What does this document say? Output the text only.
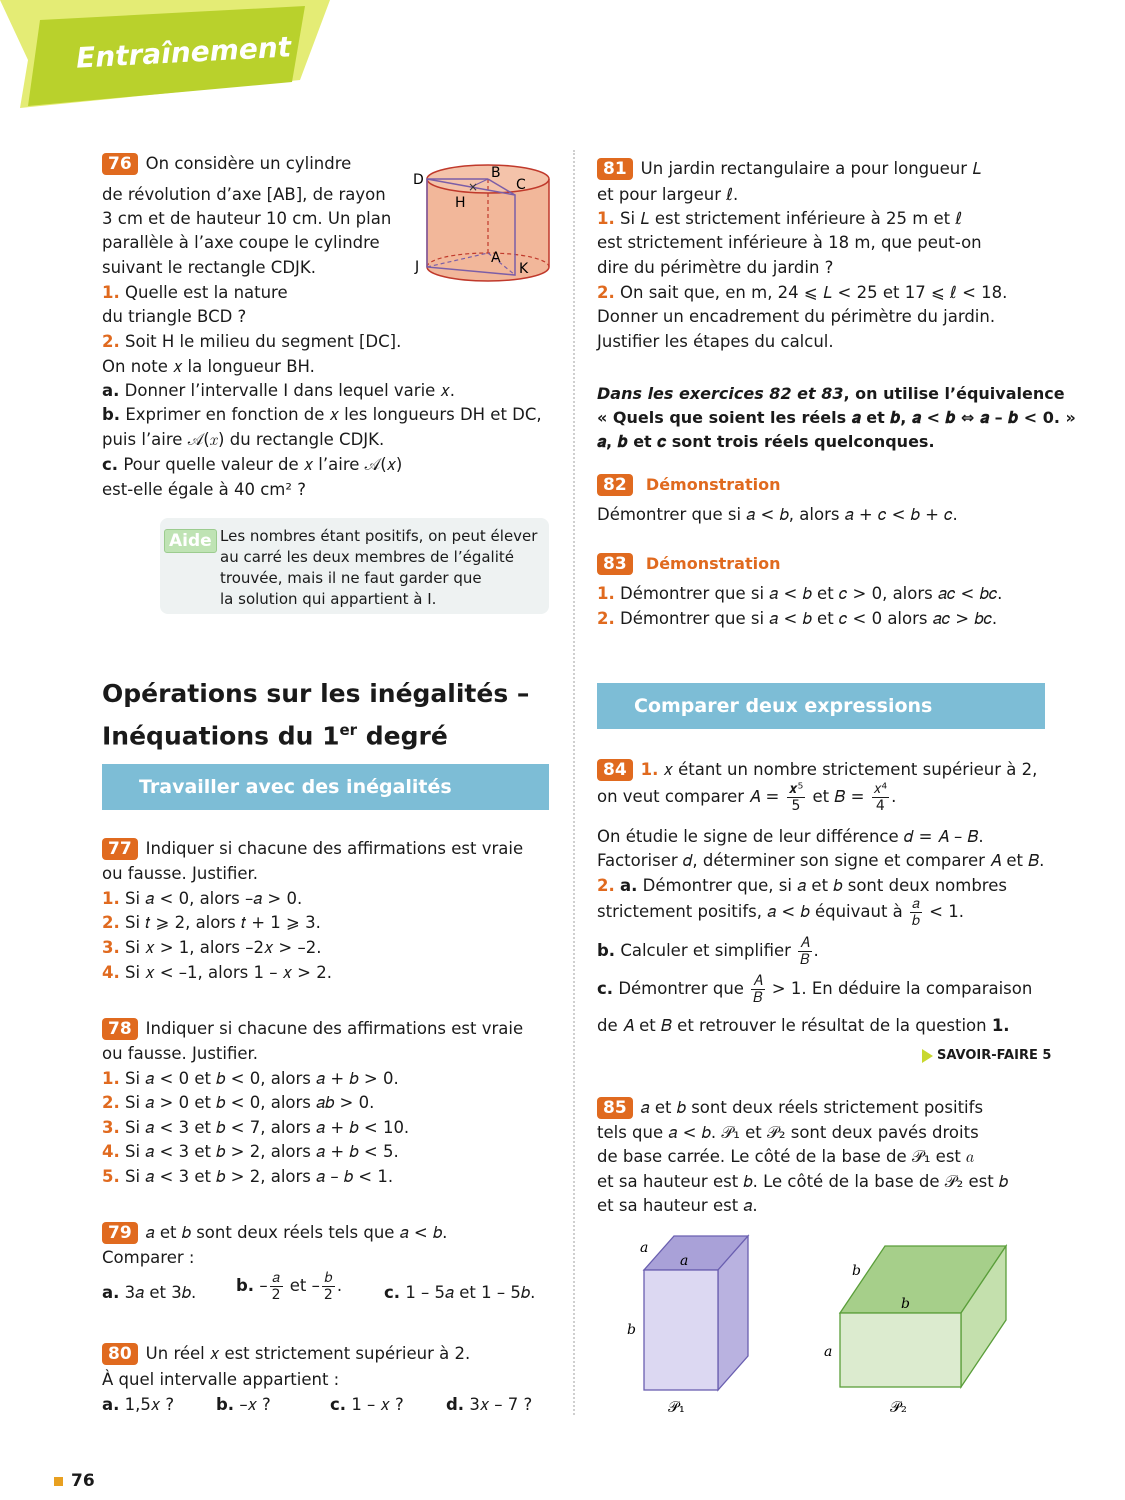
Entraînement
76 On considère un cylindre
de révolution d’axe [AB], de rayon
3 cm et de hauteur 10 cm. Un plan
parallèle à l’axe coupe le cylindre
suivant le rectangle CDJK.
1. Quelle est la nature
du triangle BCD ?
2. Soit H le milieu du segment [DC].
On note 𝑥 la longueur BH.
a. Donner l’intervalle I dans lequel varie 𝑥.
b. Exprimer en fonction de 𝑥 les longueurs DH et DC,
puis l’aire 𝒜(𝑥) du rectangle CDJK.
c. Pour quelle valeur de 𝑥 l’aire 𝒜(𝑥)
est-elle égale à 40 cm² ?
×
D	B
C
H
J
A
K
Aide Les nombres étant positifs, on peut élever
au carré les deux membres de l’égalité
trouvée, mais il ne faut garder que
la solution qui appartient à I.
Opérations sur les inégalités –
Inéquations du 1er degré
Travailler avec des inégalités
77 Indiquer si chacune des affirmations est vraie
ou fausse. Justifier.
1. Si 𝑎 < 0, alors –𝑎 > 0.
2. Si 𝑡 ⩾ 2, alors 𝑡 + 1 ⩾ 3.
3. Si 𝑥 > 1, alors –2𝑥 > –2.
4. Si 𝑥 < –1, alors 1 – 𝑥 > 2.
78 Indiquer si chacune des affirmations est vraie
ou fausse. Justifier.
1. Si 𝑎 < 0 et 𝑏 < 0, alors 𝑎 + 𝑏 > 0.
2. Si 𝑎 > 0 et 𝑏 < 0, alors 𝑎𝑏 > 0.
3. Si 𝑎 < 3 et 𝑏 < 7, alors 𝑎 + 𝑏 < 10.
4. Si 𝑎 < 3 et 𝑏 > 2, alors 𝑎 + 𝑏 < 5.
5. Si 𝑎 < 3 et 𝑏 > 2, alors 𝑎 – 𝑏 < 1.
79 𝑎 et 𝑏 sont deux réels tels que 𝑎 < 𝑏.
Comparer :
a. 3𝑎 et 3𝑏. b. – $\frac{\text{𝑎}}{2}$ et – $\frac{\text{𝑏}}{2}$ .	c. 1 – 5𝑎 et 1 – 5𝑏.
80 Un réel 𝑥 est strictement supérieur à 2.
À quel intervalle appartient :
a. 1,5𝑥 ?	b. –𝑥 ?	c. 1 – 𝑥 ?	d. 3𝑥 – 7 ?
81 Un jardin rectangulaire a pour longueur 𝐿
et pour largeur ℓ.
1. Si 𝐿 est strictement inférieure à 25 m et ℓ
est strictement inférieure à 18 m, que peut-on
dire du périmètre du jardin ?
2. On sait que, en m, 24 ⩽ 𝐿 < 25 et 17 ⩽ ℓ < 18.
Donner un encadrement du périmètre du jardin.
Justifier les étapes du calcul.
Dans les exercices 82 et 83, on utilise l’équivalence
« Quels que soient les réels 𝒂 et 𝒃, 𝒂 < 𝒃 ⇔ 𝒂 – 𝒃 < 0. »
𝒂, 𝒃 et 𝒄 sont trois réels quelconques.
82 Démonstration
Démontrer que si 𝑎 < 𝑏, alors 𝑎 + 𝑐 < 𝑏 + 𝑐.
83 Démonstration
1. Démontrer que si 𝑎 < 𝑏 et 𝑐 > 0, alors 𝑎𝑐 < 𝑏𝑐.
2. Démontrer que si 𝑎 < 𝑏 et 𝑐 < 0 alors 𝑎𝑐 > 𝑏𝑐.
Comparer deux expressions
84 1. 𝑥 étant un nombre strictement supérieur à 2,
on veut comparer 𝐴 = $\frac{\text{𝒙⁵}}{5}$ et 𝐵 = $\frac{\text{𝑥⁴}}{4}$ .
On étudie le signe de leur différence 𝑑 = 𝐴 – 𝐵.
Factoriser 𝑑, déterminer son signe et comparer 𝐴 et 𝐵.
2. a. Démontrer que, si 𝑎 et 𝑏 sont deux nombres
strictement positifs, 𝑎 < 𝑏 équivaut à $\frac{\text{𝑎}}{\text{𝑏}} < 1$.
b. Calculer et simplifier $\frac{\text{𝐴}}{\text{𝐵}}$ .
c. Démontrer que $\frac{\text{𝐴}}{\text{𝐵}} > 1$. En déduire la comparaison
de 𝐴 et 𝐵 et retrouver le résultat de la question 1.
SAVOIR-FAIRE 5
85 𝑎 et 𝑏 sont deux réels strictement positifs
tels que 𝑎 < 𝑏. 𝒫₁ et 𝒫₂ sont deux pavés droits
de base carrée. Le côté de la base de 𝒫₁ est 𝑎
et sa hauteur est 𝑏. Le côté de la base de 𝒫₂ est 𝑏
et sa hauteur est 𝑎.
𝑎
𝑎
𝑏
𝒫₁
𝑏
𝑏
𝑎
𝒫₂
76
